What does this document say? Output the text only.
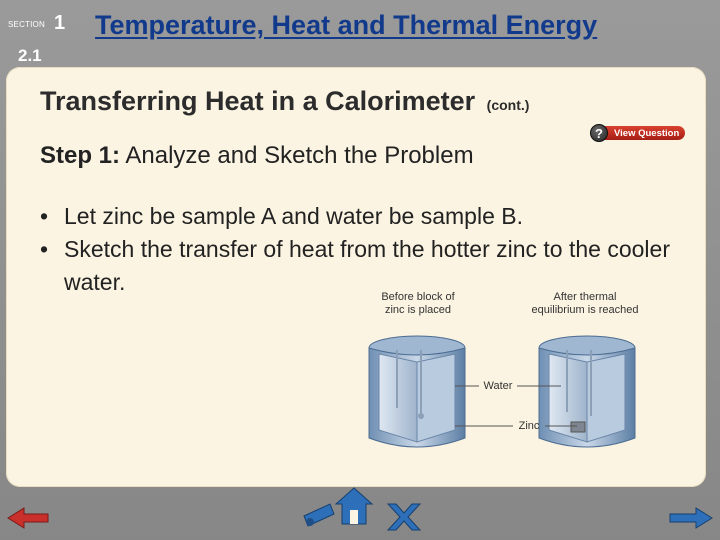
SECTION 1
2.1
Temperature, Heat and Thermal Energy
Transferring Heat in a Calorimeter (cont.)
?	View Question
Step 1: Analyze and Sketch the Problem
• Let zinc be sample A and water be sample B.
• Sketch the transfer of heat from the hotter zinc to the cooler water.
Before block of
zinc is placed
After thermal
equilibrium is reached
Water
Zinc
